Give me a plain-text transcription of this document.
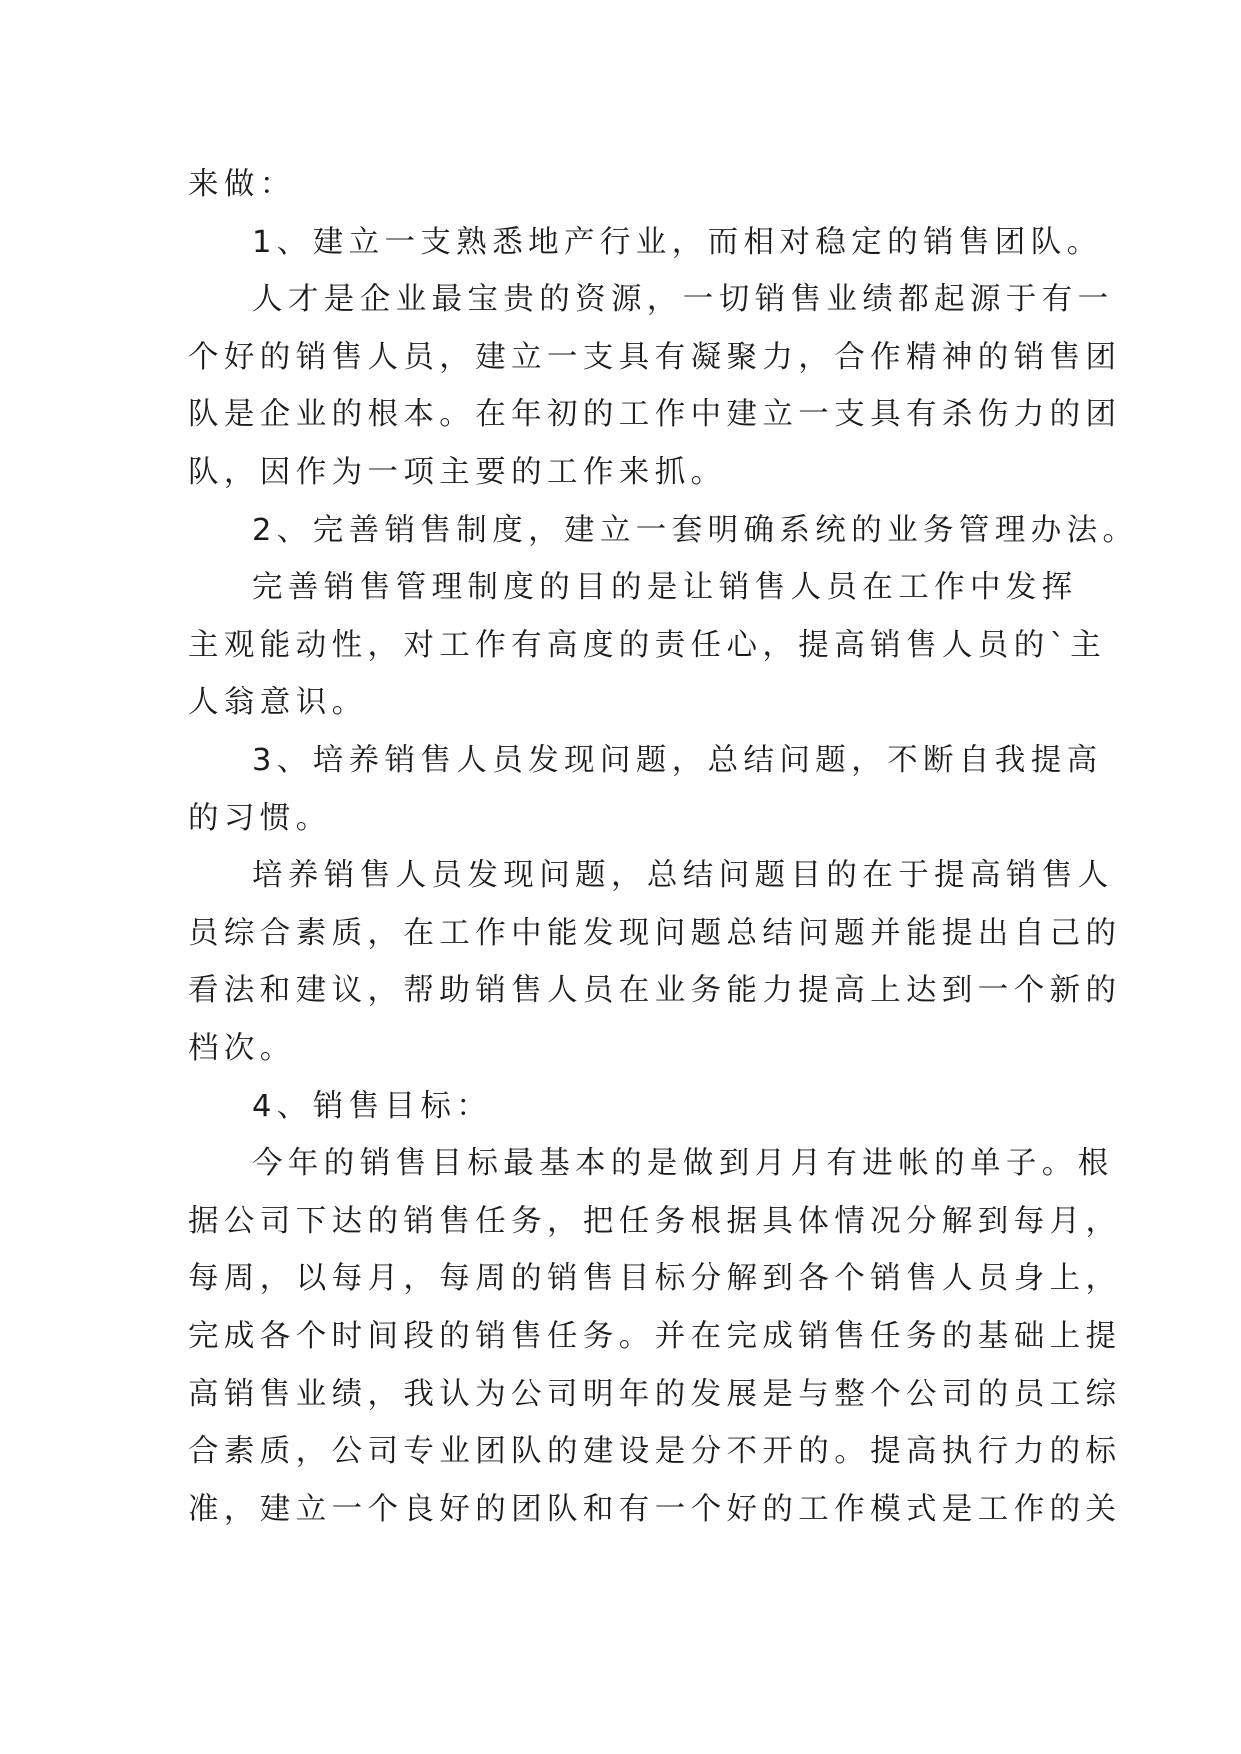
来做：

1、建立一支熟悉地产行业，而相对稳定的销售团队。

人才是企业最宝贵的资源，一切销售业绩都起源于有一

个好的销售人员，建立一支具有凝聚力，合作精神的销售团

队是企业的根本。在年初的工作中建立一支具有杀伤力的团

队，因作为一项主要的工作来抓。

2、完善销售制度，建立一套明确系统的业务管理办法。

完善销售管理制度的目的是让销售人员在工作中发挥

主观能动性，对工作有高度的责任心，提高销售人员的`主

人翁意识。

3、培养销售人员发现问题，总结问题，不断自我提高

的习惯。

培养销售人员发现问题，总结问题目的在于提高销售人

员综合素质，在工作中能发现问题总结问题并能提出自己的

看法和建议，帮助销售人员在业务能力提高上达到一个新的

档次。

4、销售目标：

今年的销售目标最基本的是做到月月有进帐的单子。根

据公司下达的销售任务，把任务根据具体情况分解到每月，

每周，以每月，每周的销售目标分解到各个销售人员身上，

完成各个时间段的销售任务。并在完成销售任务的基础上提

高销售业绩，我认为公司明年的发展是与整个公司的员工综

合素质，公司专业团队的建设是分不开的。提高执行力的标

准，建立一个良好的团队和有一个好的工作模式是工作的关
